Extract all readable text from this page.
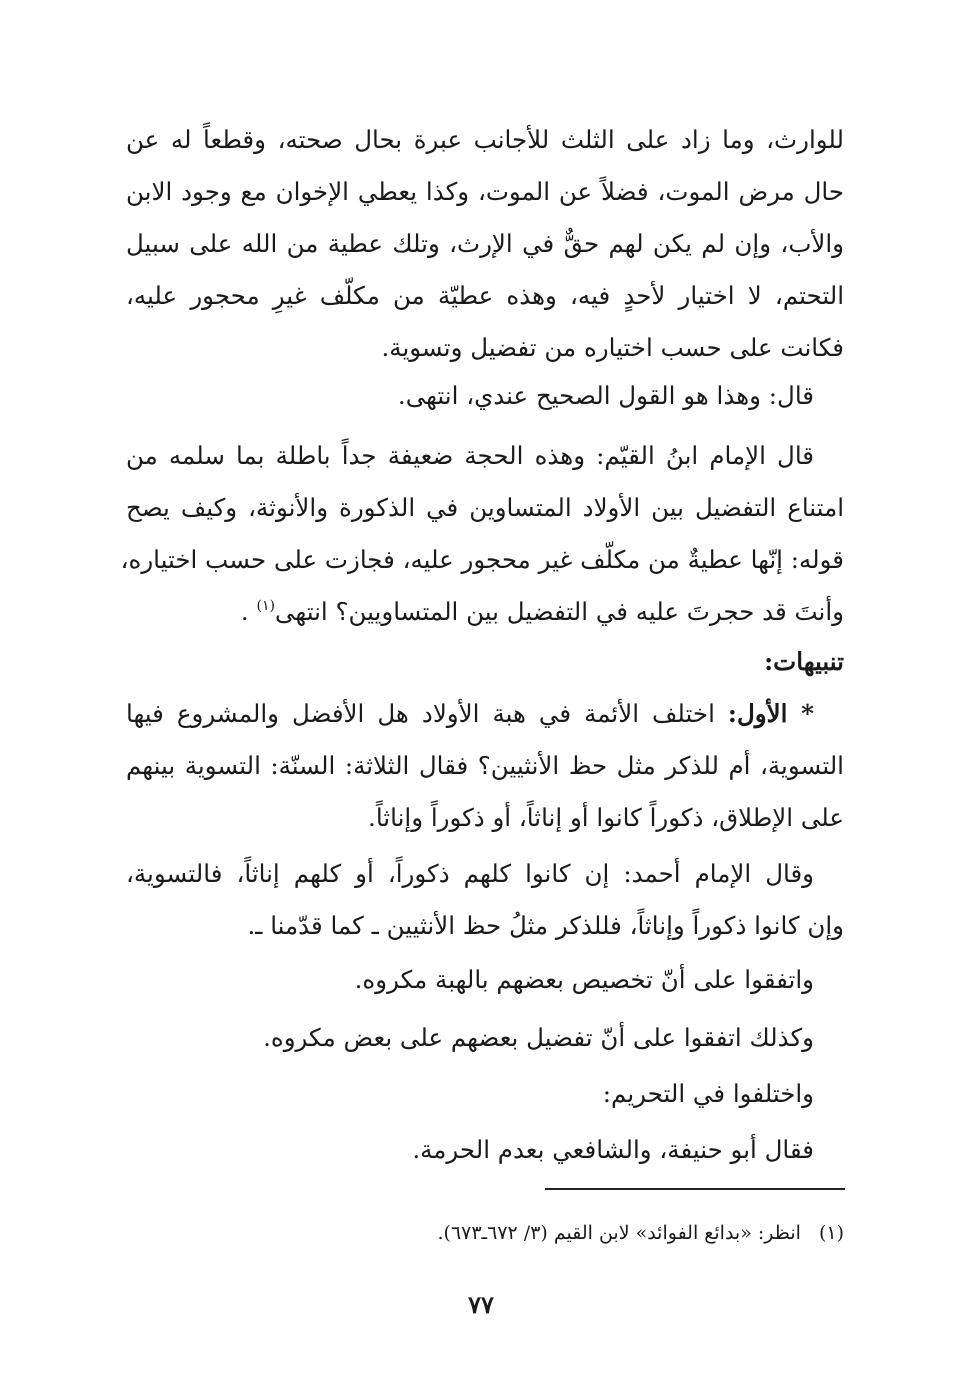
للوارث، وما زاد على الثلث للأجانب عبرة بحال صحته، وقطعاً له عن
حال مرض الموت، فضلاً عن الموت، وكذا يعطي الإخوان مع وجود الابن
والأب، وإن لم يكن لهم حقٌّ في الإرث، وتلك عطية من الله على سبيل
التحتم، لا اختيار لأحدٍ فيه، وهذه عطيّة من مكلّف غيرِ محجور عليه،
فكانت على حسب اختياره من تفضيل وتسوية.
قال: وهذا هو القول الصحيح عندي، انتهى.
قال الإمام ابنُ القيّم: وهذه الحجة ضعيفة جداً باطلة بما سلمه من
امتناع التفضيل بين الأولاد المتساوين في الذكورة والأنوثة، وكيف يصح
قوله: إنّها عطيةٌ من مكلّف غير محجور عليه، فجازت على حسب اختياره،
وأنتَ قد حجرتَ عليه في التفضيل بين المتساويين؟ انتهى$^{(١)}$ .
تنبيهات:
* الأول: اختلف الأئمة في هبة الأولاد هل الأفضل والمشروع فيها
التسوية، أم للذكر مثل حظ الأنثيين؟ فقال الثلاثة: السنّة: التسوية بينهم
على الإطلاق، ذكوراً كانوا أو إناثاً، أو ذكوراً وإناثاً.
وقال الإمام أحمد: إن كانوا كلهم ذكوراً، أو كلهم إناثاً، فالتسوية،
وإن كانوا ذكوراً وإناثاً، فللذكر مثلُ حظ الأنثيين ـ كما قدّمنا ـ.
واتفقوا على أنّ تخصيص بعضهم بالهبة مكروه.
وكذلك اتفقوا على أنّ تفضيل بعضهم على بعض مكروه.
واختلفوا في التحريم:
فقال أبو حنيفة، والشافعي بعدم الحرمة.
(١)انظر: «بدائع الفوائد» لابن القيم (٣/ ٦٧٢ـ٦٧٣).
٧٧
